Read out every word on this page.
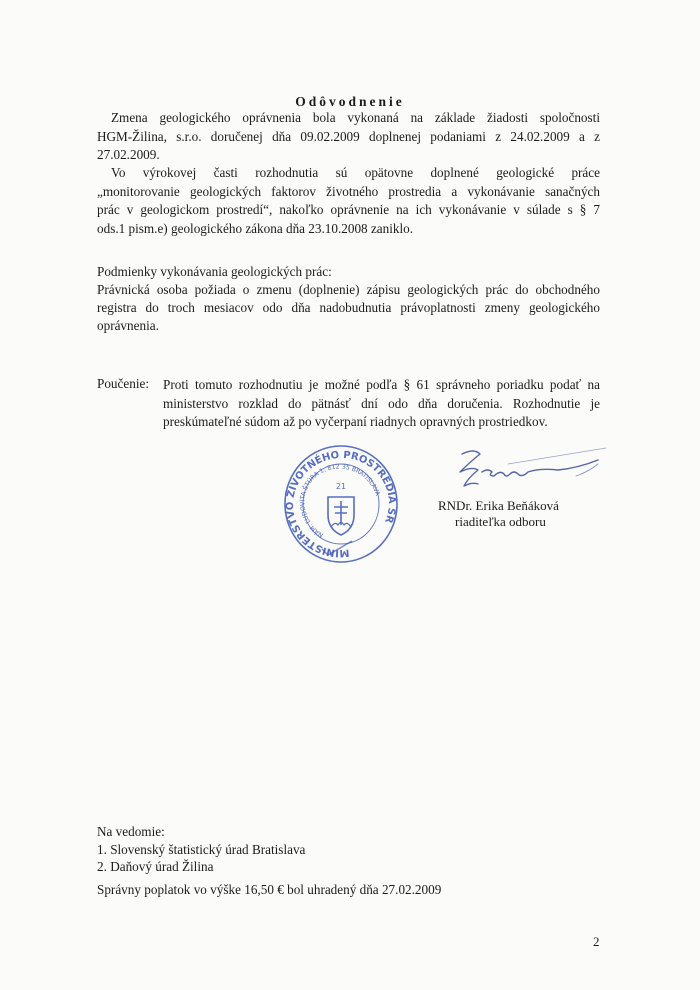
Odôvodnenie
Zmena geologického oprávnenia bola vykonaná na základe žiadosti spoločnosti
HGM-Žilina, s.r.o. doručenej dňa 09.02.2009 doplnenej podaniami z 24.02.2009 a z
27.02.2009.
Vo výrokovej časti rozhodnutia sú opätovne doplnené geologické práce
„monitorovanie geologických faktorov životného prostredia a vykonávanie sanačných
prác v geologickom prostredí“, nakoľko oprávnenie na ich vykonávanie v súlade s § 7
ods.1 pism.e) geologického zákona dňa 23.10.2008 zaniklo.
Podmienky vykonávania geologických prác:
Právnická osoba požiada o zmenu (doplnenie) zápisu geologických prác do obchodného
registra do troch mesiacov odo dňa nadobudnutia právoplatnosti zmeny geologického
oprávnenia.
Poučenie: Proti tomuto rozhodnutiu je možné podľa § 61 správneho poriadku podať na
ministerstvo rozklad do pätnásť dní odo dňa doručenia. Rozhodnutie je
preskúmateľné súdom až po vyčerpaní riadnych opravných prostriedkov.
MINISTERSTVO ŽIVOTNÉHO PROSTREDIA SR
NÁM. ĽUDOVÍTA ŠTÚRA 1, 812 35 BRATISLAVA
21
RNDr. Erika Beňáková
riaditeľka odboru
Na vedomie:
1. Slovenský štatistický úrad Bratislava
2. Daňový úrad Žilina
Správny poplatok vo výške 16,50 € bol uhradený dňa 27.02.2009
2
